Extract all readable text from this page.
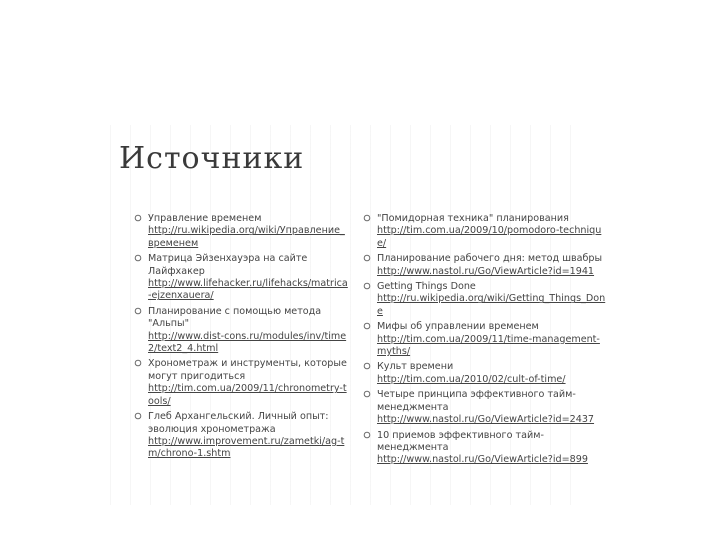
Источники
Управление временем
http://ru.wikipedia.org/wiki/Управление_временем
Матрица Эйзенхауэра на сайте Лайфхакер
http://www.lifehacker.ru/lifehacks/matrica-ejzenxauera/
Планирование с помощью метода "Альпы"
http://www.dist-cons.ru/modules/inv/time2/text2_4.html
Хронометраж и инструменты, которые могут пригодиться
http://tim.com.ua/2009/11/chronometry-tools/
Глеб Архангельский. Личный опыт: эволюция хронометража
http://www.improvement.ru/zametki/ag-tm/chrono-1.shtm
"Помидорная техника" планирования
http://tim.com.ua/2009/10/pomodoro-technique/
Планирование рабочего дня: метод швабры
http://www.nastol.ru/Go/ViewArticle?id=1941
Getting Things Done
http://ru.wikipedia.org/wiki/Getting_Things_Done
Мифы об управлении временем
http://tim.com.ua/2009/11/time-management-myths/
Культ времени
http://tim.com.ua/2010/02/cult-of-time/
Четыре принципа эффективного тайм-менеджмента
http://www.nastol.ru/Go/ViewArticle?id=2437
10 приемов эффективного тайм-менеджмента
http://www.nastol.ru/Go/ViewArticle?id=899
